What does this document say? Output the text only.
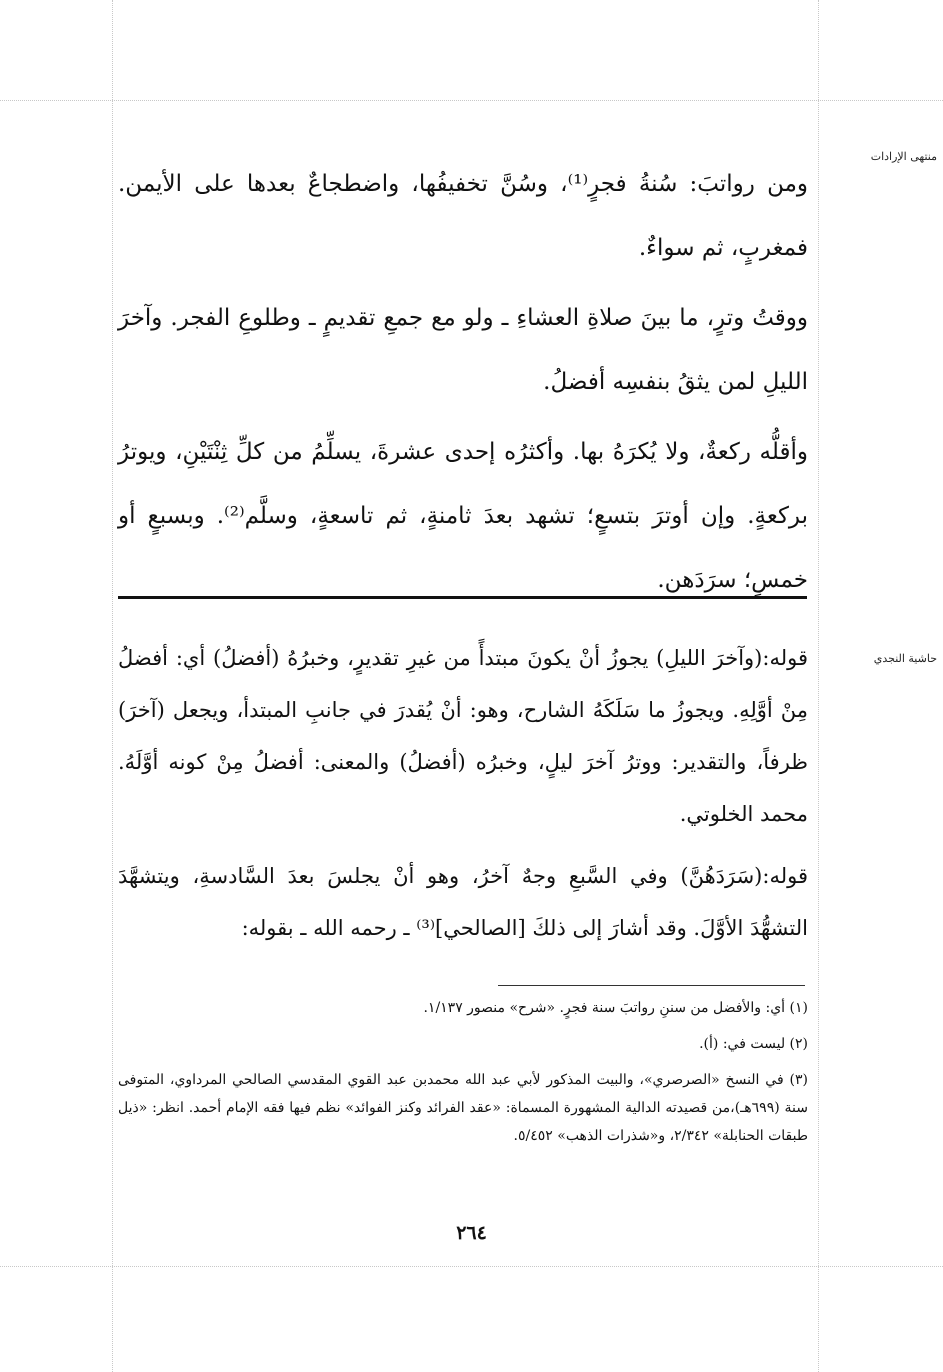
منتهى الإرادات
حاشية النجدي

ومن رواتبَ: سُنةُ فجرٍ⁽¹⁾، وسُنَّ تخفيفُها، واضطجاعٌ بعدها على الأيمن. فمغربٍ، ثم سواءٌ.

ووقتُ وترٍ، ما بينَ صلاةِ العشاءِ ـ ولو مع جمعِ تقديمٍ ـ وطلوعِ الفجر. وآخرَ الليلِ لمن يثقُ بنفسِه أفضلُ.

وأقلُّه ركعةٌ، ولا يُكرَهُ بها. وأكثرُه إحدى عشرةَ، يسلِّمُ من كلِّ ثِنْتَيْنِ، ويوترُ بركعةٍ. وإن أوترَ بتسعٍ؛ تشهد بعدَ ثامنةٍ، ثم تاسعةٍ، وسلَّم⁽²⁾. وبسبعٍ أو خمسٍ؛ سرَدَهن.

قوله:(وآخرَ الليلِ) يجوزُ أنْ يكونَ مبتدأً من غيرِ تقديرٍ، وخبرُهُ (أفضلُ) أي: أفضلُ مِنْ أوَّلِهِ. ويجوزُ ما سَلَكَهُ الشارح، وهو: أنْ يُقدرَ في جانبِ المبتدأ، ويجعل (آخرَ) ظرفاً، والتقدير: ووترُ آخرَ ليلٍ، وخبرُه (أفضلُ) والمعنى: أفضلُ مِنْ كونه أوَّلَهُ. محمد الخلوتي.

قوله:(سَرَدَهُنَّ) وفي السَّبعِ وجهٌ آخرُ، وهو أنْ يجلسَ بعدَ السَّادسةِ، ويتشهَّدَ التشهُّدَ الأوَّلَ. وقد أشارَ إلى ذلكَ [الصالحي]⁽³⁾ ـ رحمه الله ـ بقوله:

(١) أي: والأفضل من سننِ رواتبَ سنة فجرٍ. «شرح» منصور ١/١٣٧.

(٢) ليست في: (أ).

(٣) في النسخ «الصرصري»، والبيت المذكور لأبي عبد الله محمدبن عبد القوي المقدسي الصالحي المرداوي، المتوفى سنة (٦٩٩هـ)،من قصيدته الدالية المشهورة المسماة: «عقد الفرائد وكنز الفوائد» نظم فيها فقه الإمام أحمد. انظر: «ذيل طبقات الحنابلة» ٢/٣٤٢، و«شذرات الذهب» ٥/٤٥٢.

٢٦٤
